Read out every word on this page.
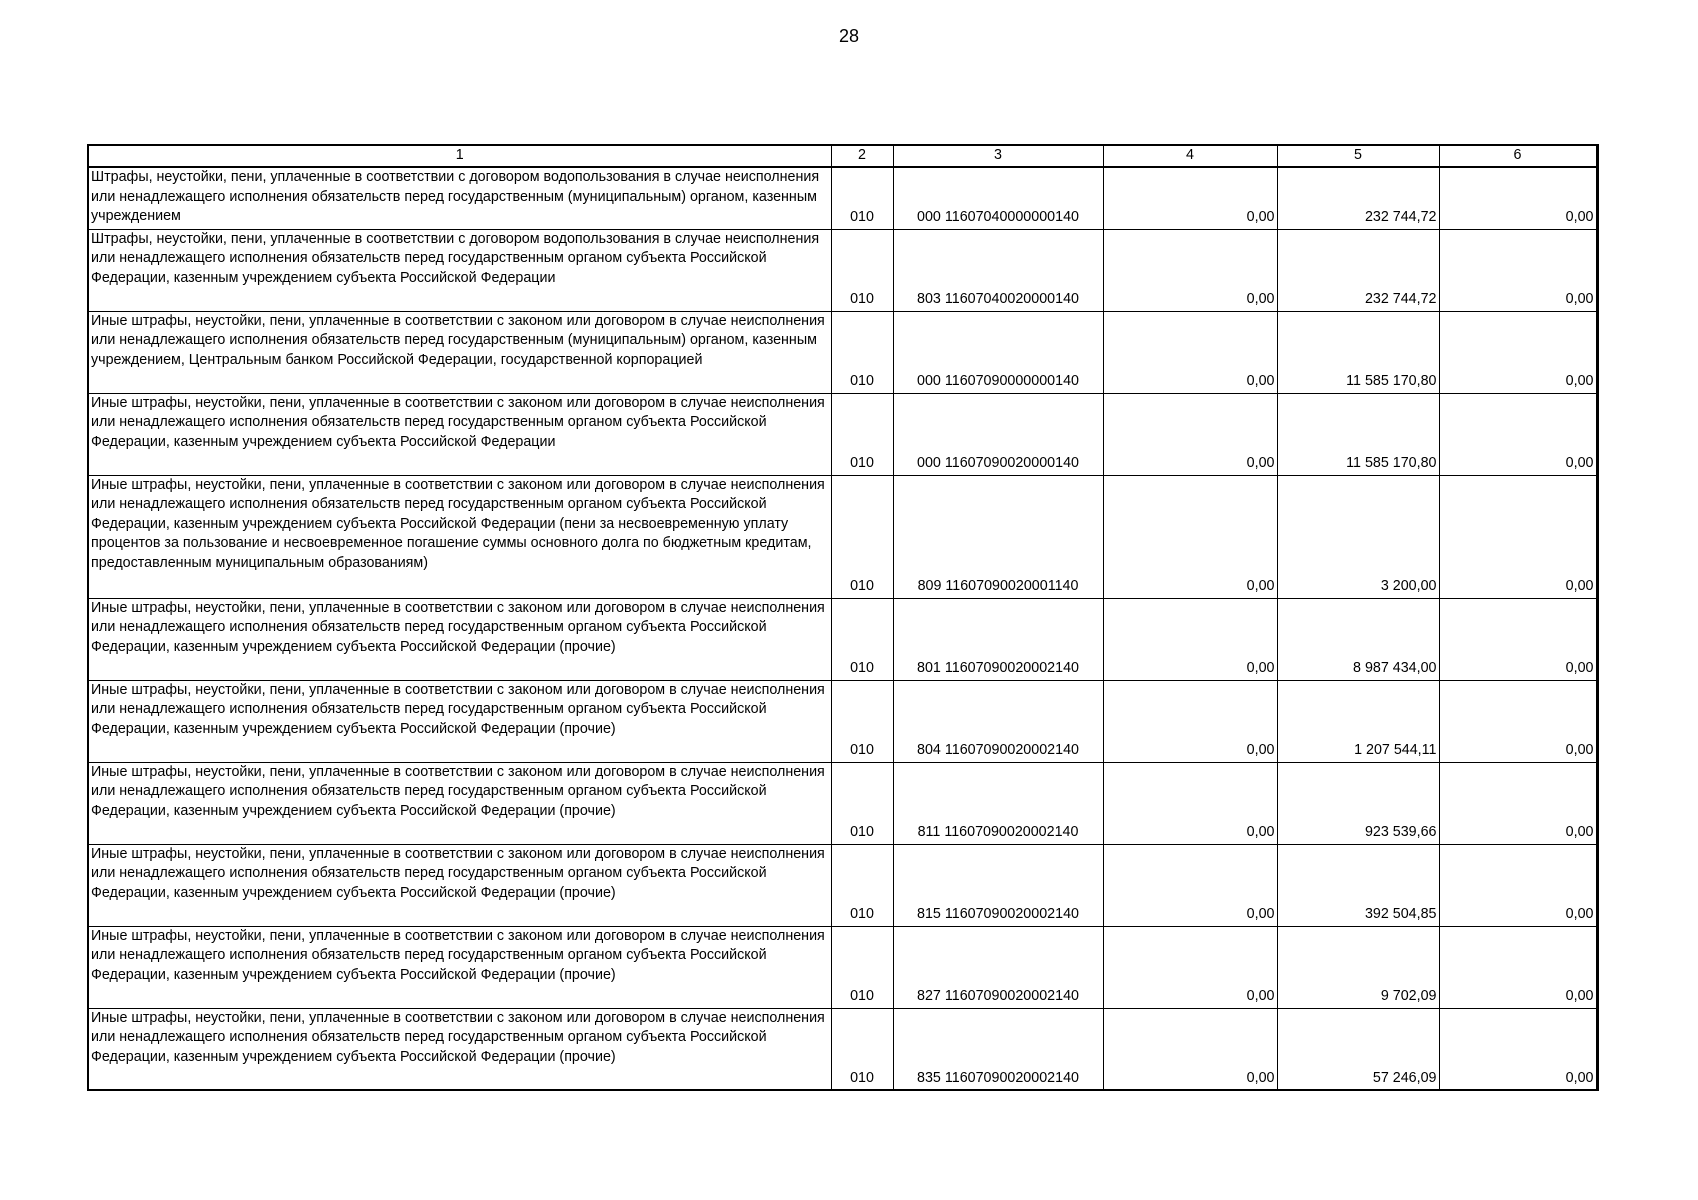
28
1	2	3	4	5	6
Штрафы, неустойки, пени, уплаченные в соответствии с договором водопользования в случае неисполнения или ненадлежащего исполнения обязательств перед государственным (муниципальным) органом, казенным учреждением	010	000 11607040000000140	0,00	232 744,72	0,00
Штрафы, неустойки, пени, уплаченные в соответствии с договором водопользования в случае неисполнения или ненадлежащего исполнения обязательств перед государственным органом субъекта Российской Федерации, казенным учреждением субъекта Российской Федерации	010	803 11607040020000140	0,00	232 744,72	0,00
Иные штрафы, неустойки, пени, уплаченные в соответствии с законом или договором в случае неисполнения или ненадлежащего исполнения обязательств перед государственным (муниципальным) органом, казенным учреждением, Центральным банком Российской Федерации, государственной корпорацией	010	000 11607090000000140	0,00	11 585 170,80	0,00
Иные штрафы, неустойки, пени, уплаченные в соответствии с законом или договором в случае неисполнения или ненадлежащего исполнения обязательств перед государственным органом субъекта Российской Федерации, казенным учреждением субъекта Российской Федерации	010	000 11607090020000140	0,00	11 585 170,80	0,00
Иные штрафы, неустойки, пени, уплаченные в соответствии с законом или договором в случае неисполнения или ненадлежащего исполнения обязательств перед государственным органом субъекта Российской Федерации, казенным учреждением субъекта Российской Федерации (пени за несвоевременную уплату процентов за пользование и несвоевременное погашение суммы основного долга по бюджетным кредитам, предоставленным муниципальным образованиям)	010	809 11607090020001140	0,00	3 200,00	0,00
Иные штрафы, неустойки, пени, уплаченные в соответствии с законом или договором в случае неисполнения или ненадлежащего исполнения обязательств перед государственным органом субъекта Российской Федерации, казенным учреждением субъекта Российской Федерации (прочие)	010	801 11607090020002140	0,00	8 987 434,00	0,00
Иные штрафы, неустойки, пени, уплаченные в соответствии с законом или договором в случае неисполнения или ненадлежащего исполнения обязательств перед государственным органом субъекта Российской Федерации, казенным учреждением субъекта Российской Федерации (прочие)	010	804 11607090020002140	0,00	1 207 544,11	0,00
Иные штрафы, неустойки, пени, уплаченные в соответствии с законом или договором в случае неисполнения или ненадлежащего исполнения обязательств перед государственным органом субъекта Российской Федерации, казенным учреждением субъекта Российской Федерации (прочие)	010	811 11607090020002140	0,00	923 539,66	0,00
Иные штрафы, неустойки, пени, уплаченные в соответствии с законом или договором в случае неисполнения или ненадлежащего исполнения обязательств перед государственным органом субъекта Российской Федерации, казенным учреждением субъекта Российской Федерации (прочие)	010	815 11607090020002140	0,00	392 504,85	0,00
Иные штрафы, неустойки, пени, уплаченные в соответствии с законом или договором в случае неисполнения или ненадлежащего исполнения обязательств перед государственным органом субъекта Российской Федерации, казенным учреждением субъекта Российской Федерации (прочие)	010	827 11607090020002140	0,00	9 702,09	0,00
Иные штрафы, неустойки, пени, уплаченные в соответствии с законом или договором в случае неисполнения или ненадлежащего исполнения обязательств перед государственным органом субъекта Российской Федерации, казенным учреждением субъекта Российской Федерации (прочие)	010	835 11607090020002140	0,00	57 246,09	0,00
